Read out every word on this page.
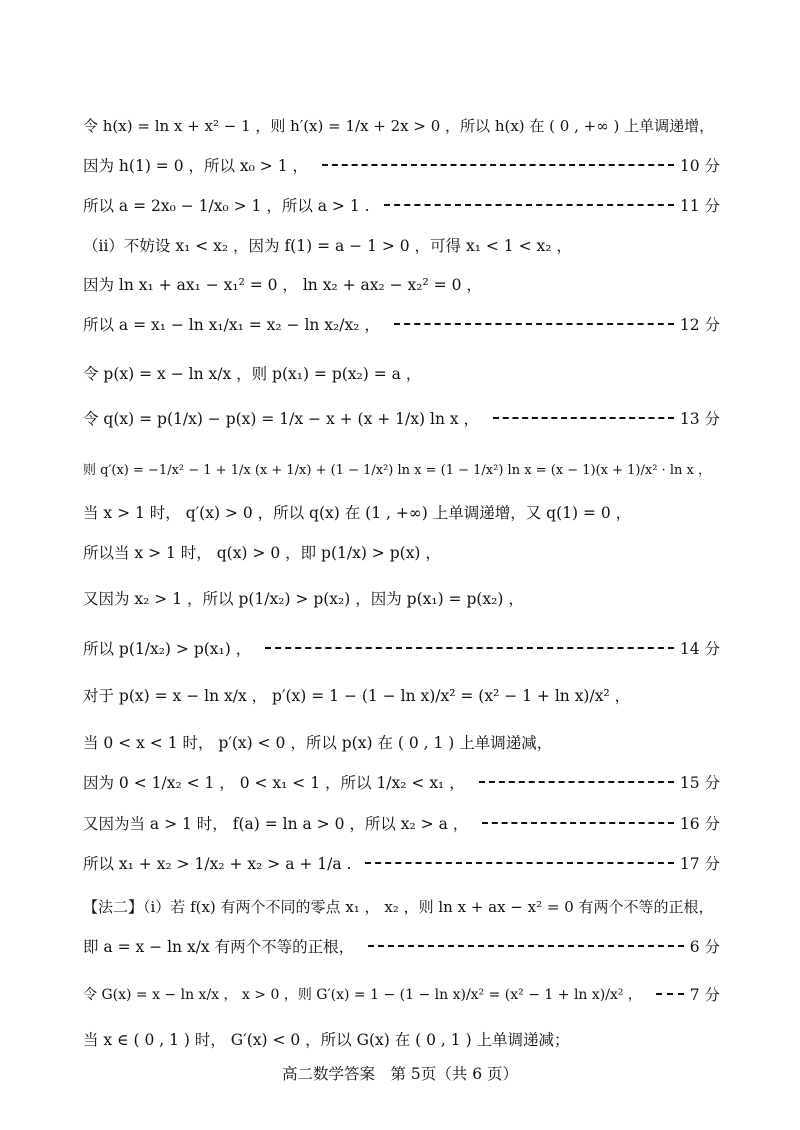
令 h(x) = ln x + x² − 1 ，则 h′(x) = 1/x + 2x > 0 ，所以 h(x) 在 ( 0 , +∞ ) 上单调递增，
因为 h(1) = 0 ，所以 x₀ > 1 ，	10 分
所以 a = 2x₀ − 1/x₀ > 1 ，所以 a > 1 .	11 分
（ii）不妨设 x₁ < x₂ ，因为 f(1) = a − 1 > 0 ，可得 x₁ < 1 < x₂ ，
因为 ln x₁ + ax₁ − x₁² = 0 ， ln x₂ + ax₂ − x₂² = 0 ，
所以 a = x₁ − ln x₁/x₁ = x₂ − ln x₂/x₂ ，	12 分
令 p(x) = x − ln x/x ，则 p(x₁) = p(x₂) = a ，
令 q(x) = p(1/x) − p(x) = 1/x − x + (x + 1/x) ln x ，	13 分
则 q′(x) = −1/x² − 1 + 1/x (x + 1/x) + (1 − 1/x²) ln x = (1 − 1/x²) ln x = (x − 1)(x + 1)/x² · ln x ，
当 x > 1 时， q′(x) > 0 ，所以 q(x) 在 (1 , +∞) 上单调递增，又 q(1) = 0 ，
所以当 x > 1 时， q(x) > 0 ，即 p(1/x) > p(x) ，
又因为 x₂ > 1 ，所以 p(1/x₂) > p(x₂) ，因为 p(x₁) = p(x₂) ，
所以 p(1/x₂) > p(x₁) ，	14 分
对于 p(x) = x − ln x/x ， p′(x) = 1 − (1 − ln x)/x² = (x² − 1 + ln x)/x² ，
当 0 < x < 1 时， p′(x) < 0 ，所以 p(x) 在 ( 0 , 1 ) 上单调递减，
因为 0 < 1/x₂ < 1 ， 0 < x₁ < 1 ，所以 1/x₂ < x₁ ，	15 分
又因为当 a > 1 时， f(a) = ln a > 0 ，所以 x₂ > a ，	16 分
所以 x₁ + x₂ > 1/x₂ + x₂ > a + 1/a .	17 分
【法二】（i）若 f(x) 有两个不同的零点 x₁ ， x₂ ，则 ln x + ax − x² = 0 有两个不等的正根，
即 a = x − ln x/x 有两个不等的正根，	6 分
令 G(x) = x − ln x/x ， x > 0 ，则 G′(x) = 1 − (1 − ln x)/x² = (x² − 1 + ln x)/x² ，	7 分
当 x ∈ ( 0 , 1 ) 时， G′(x) < 0 ，所以 G(x) 在 ( 0 , 1 ) 上单调递减；
高二数学答案　第 5页（共 6 页）
